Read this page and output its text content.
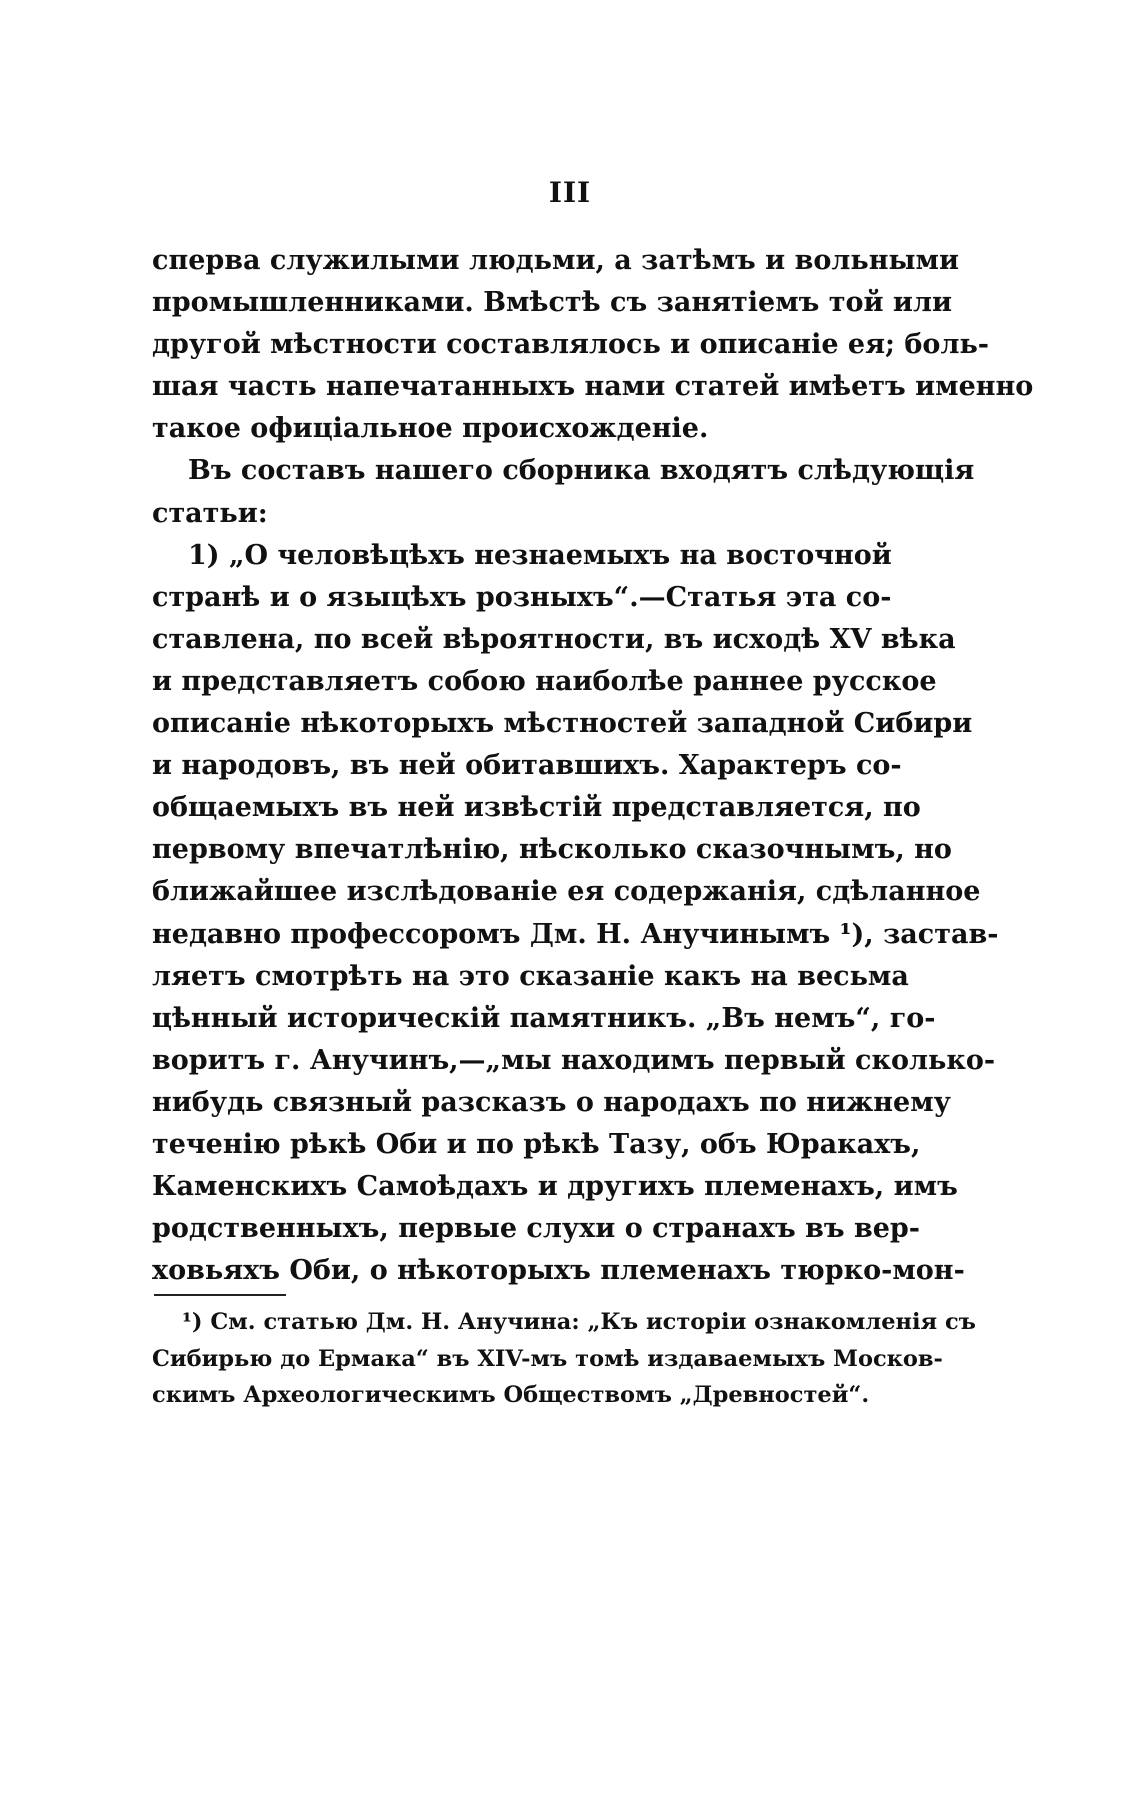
III
сперва служилыми людьми, а затѣмъ и вольными
промышленниками. Вмѣстѣ съ занятіемъ той или
другой мѣстности составлялось и описаніе ея; боль-
шая часть напечатанныхъ нами статей имѣетъ именно
такое офиціальное происхожденіе.
Въ составъ нашего сборника входятъ слѣдующія
статьи:
1) „О человѣцѣхъ незнаемыхъ на восточной
странѣ и о языцѣхъ розныхъ“.—Статья эта со-
ставлена, по всей вѣроятности, въ исходѣ XV вѣка
и представляетъ собою наиболѣе раннее русское
описаніе нѣкоторыхъ мѣстностей западной Сибири
и народовъ, въ ней обитавшихъ. Характеръ со-
общаемыхъ въ ней извѣстій представляется, по
первому впечатлѣнію, нѣсколько сказочнымъ, но
ближайшее изслѣдованіе ея содержанія, сдѣланное
недавно профессоромъ Дм. Н. Анучинымъ ¹), застав-
ляетъ смотрѣть на это сказаніе какъ на весьма
цѣнный историческій памятникъ. „Въ немъ“, го-
воритъ г. Анучинъ,—„мы находимъ первый сколько-
нибудь связный разсказъ о народахъ по нижнему
теченію рѣкѣ Оби и по рѣкѣ Тазу, объ Юракахъ,
Каменскихъ Самоѣдахъ и другихъ племенахъ, имъ
родственныхъ, первые слухи о странахъ въ вер-
ховьяхъ Оби, о нѣкоторыхъ племенахъ тюрко-мон-
¹) См. статью Дм. Н. Анучина: „Къ исторіи ознакомленія съ
Сибирью до Ермака“ въ XIV-мъ томѣ издаваемыхъ Москов-
скимъ Археологическимъ Обществомъ „Древностей“.
